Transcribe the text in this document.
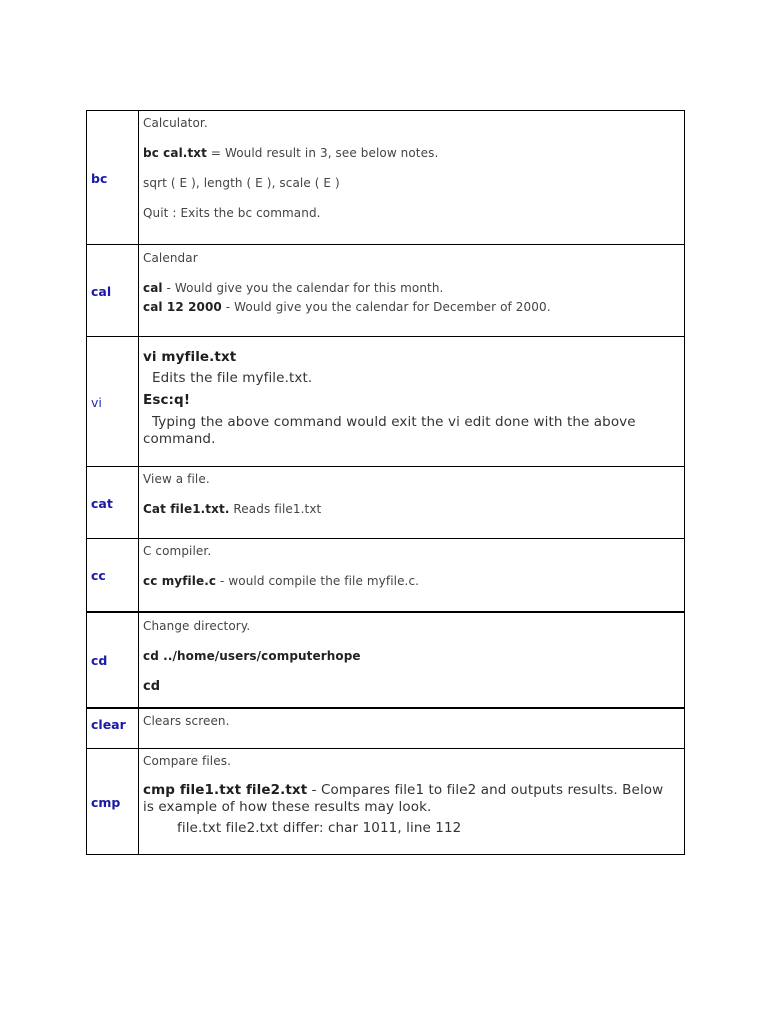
bc	Calculator.
bc cal.txt = Would result in 3, see below notes.
sqrt ( E ), length ( E ), scale ( E )
Quit : Exits the bc command.

cal	Calendar
cal - Would give you the calendar for this month.
cal 12 2000 - Would give you the calendar for December of 2000.

vi	vi myfile.txt
Edits the file myfile.txt.
Esc:q!
Typing the above command would exit the vi edit done with the above command.

cat	View a file.
Cat file1.txt. Reads file1.txt

cc	C compiler.
cc myfile.c - would compile the file myfile.c.

cd	Change directory.
cd ../home/users/computerhope
cd

clear	Clears screen.

cmp	Compare files.
cmp file1.txt file2.txt - Compares file1 to file2 and outputs results. Below is example of how these results may look.
file.txt file2.txt differ: char 1011, line 112
